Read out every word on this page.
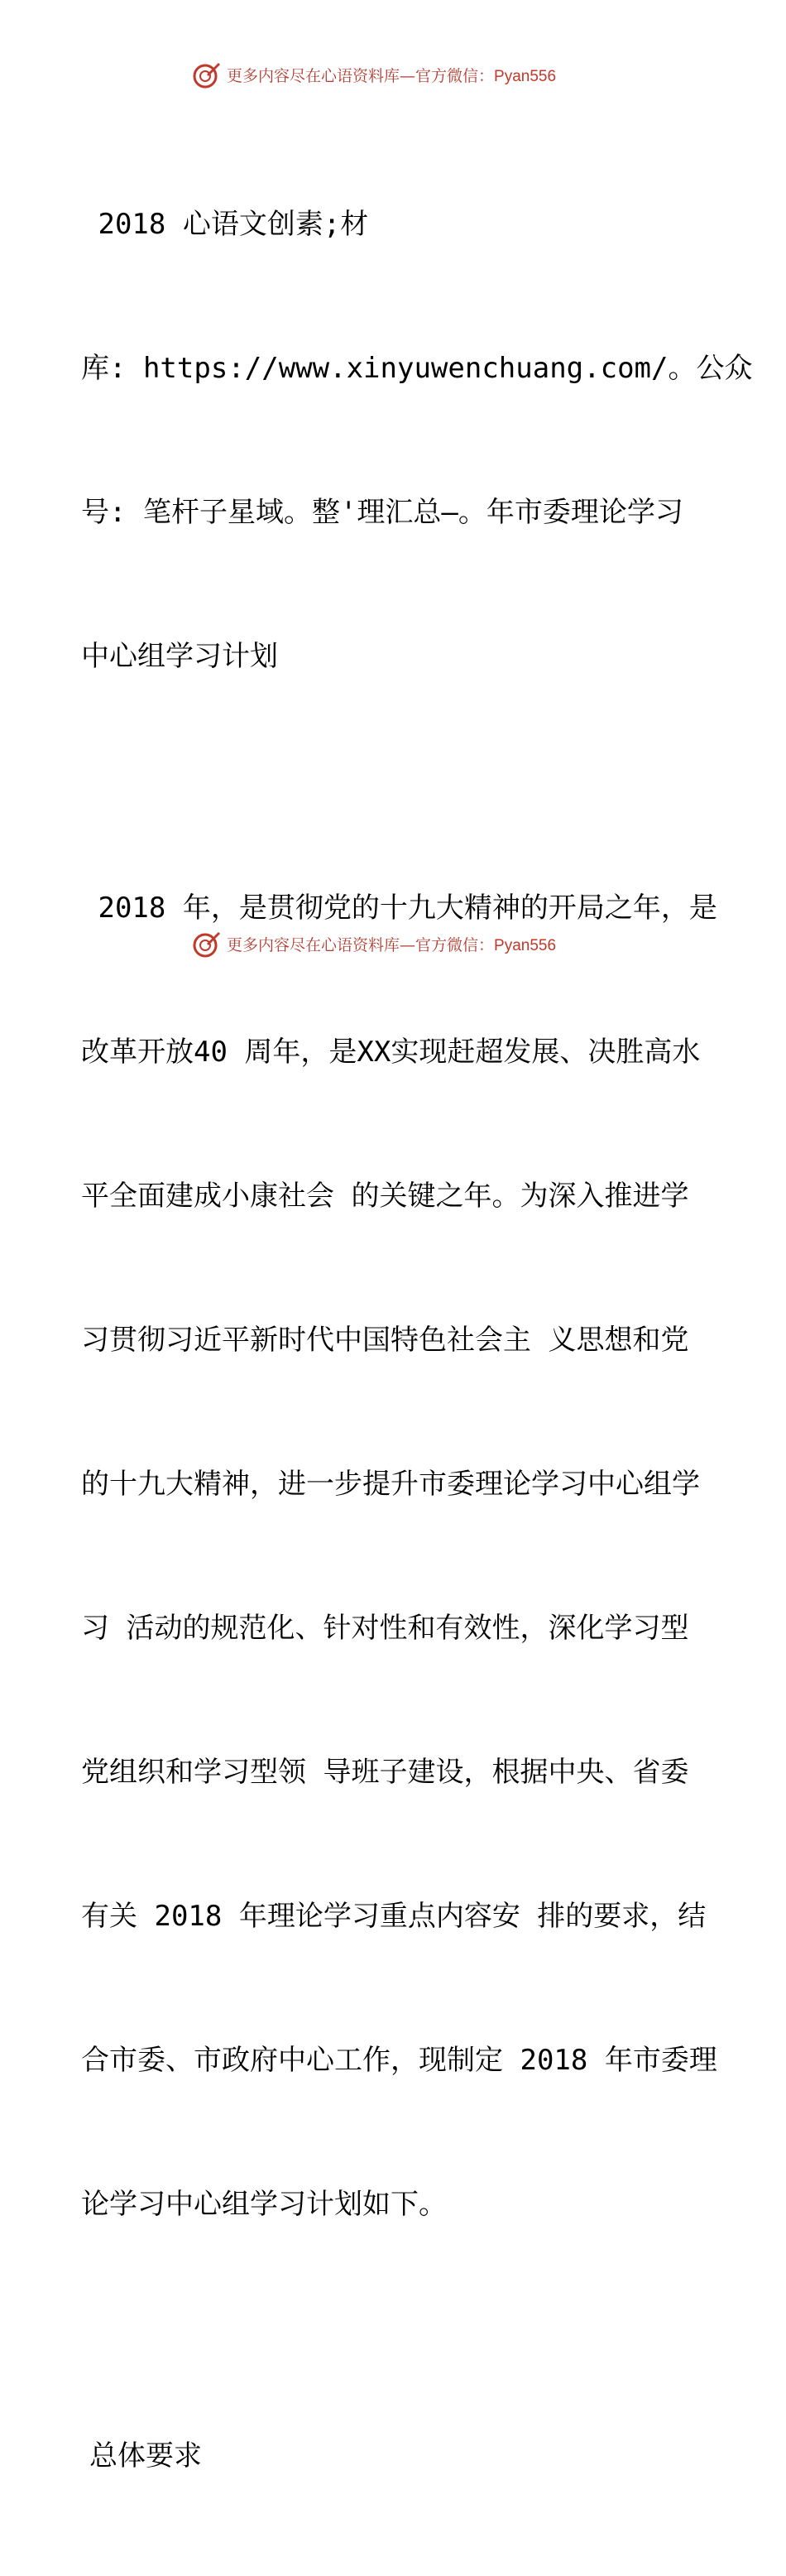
更多内容尽在心语资料库—官方微信：Pyan556

2018 心语文创素;材

库: https://www.xinyuwenchuang.com/。公众

号: 笔杆子星域。整'理汇总—。年市委理论学习

中心组学习计划

2018 年，是贯彻党的十九大精神的开局之年，是

改革开放40 周年，是XX实现赶超发展、决胜高水

平全面建成小康社会 的关键之年。为深入推进学

习贯彻习近平新时代中国特色社会主 义思想和党

的十九大精神，进一步提升市委理论学习中心组学

习 活动的规范化、针对性和有效性，深化学习型

党组织和学习型领 导班子建设，根据中央、省委

有关 2018 年理论学习重点内容安 排的要求，结

合市委、市政府中心工作，现制定 2018 年市委理

论学习中心组学习计划如下。

总体要求

更多内容尽在心语资料库—官方微信：Pyan556
